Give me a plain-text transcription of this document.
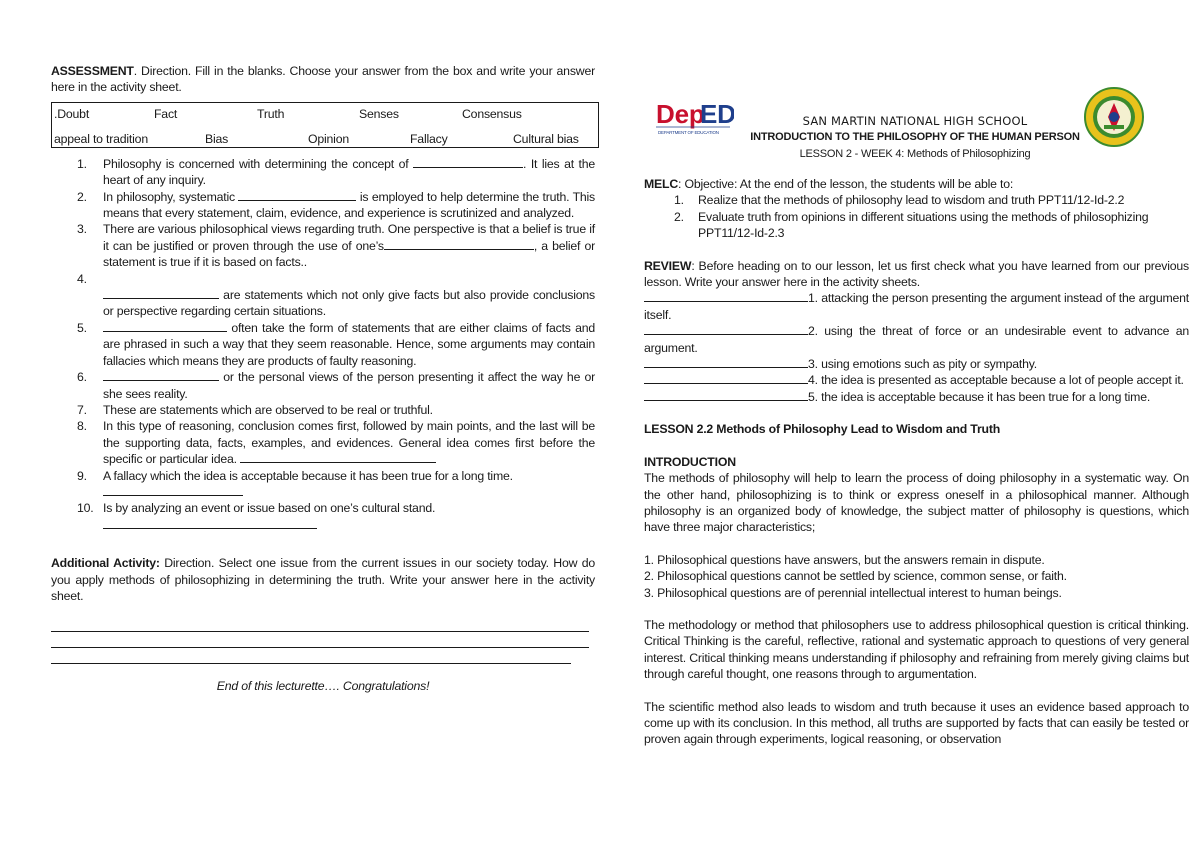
ASSESSMENT. Direction. Fill in the blanks. Choose your answer from the box and write your answer here in the activity sheet.

.Doubt	Fact	Truth	Senses	Consensus
appeal to tradition	Bias	Opinion	Fallacy	Cultural bias
1. Philosophy is concerned with determining the concept of	. It lies at the heart of any inquiry.
2. In philosophy, systematic	is employed to help determine the truth. This means that every statement, claim, evidence, and experience is scrutinized and analyzed.
3. There are various philosophical views regarding truth. One perspective is that a belief is true if it can be justified or proven through the use of one’s	, a belief or statement is true if it is based on facts..
4.

are statements which not only give facts but also provide conclusions or perspective regarding certain situations.
5.	often take the form of statements that are either claims of facts and are phrased in such a way that they seem reasonable. Hence, some arguments may contain fallacies which means they are products of faulty reasoning.
6.	or the personal views of the person presenting it affect the way he or she sees reality.
7. These are statements which are observed to be real or truthful.
8. In this type of reasoning, conclusion comes first, followed by main points, and the last will be the supporting data, facts, examples, and evidences. General idea comes first before the specific or particular idea.
9. A fallacy which the idea is acceptable because it has been true for a long time.

10. Is by analyzing an event or issue based on one’s cultural stand.

Additional Activity: Direction. Select one issue from the current issues in our society today. How do you apply methods of philosophizing in determining the truth. Write your answer here in the activity sheet.

End of this lecturette…. Congratulations!

Dep
ED
DEPARTMENT OF EDUCATION
SAN MARTIN NATIONAL HIGH SCHOOL
INTRODUCTION TO THE PHILOSOPHY OF THE HUMAN PERSON
LESSON 2 - WEEK 4: Methods of Philosophizing

MELC: Objective: At the end of the lesson, the students will be able to:

1. Realize that the methods of philosophy lead to wisdom and truth PPT11/12-Id-2.2
2. Evaluate truth from opinions in different situations using the methods of philosophizing PPT11/12-Id-2.3

REVIEW: Before heading on to our lesson, let us first check what you have learned from our previous lesson. Write your answer here in the activity sheets.

1. attacking the person presenting the argument instead of the argument itself.

2. using the threat of force or an undesirable event to advance an argument.

3. using emotions such as pity or sympathy.

4. the idea is presented as acceptable because a lot of people accept it.

5. the idea is acceptable because it has been true for a long time.

LESSON 2.2 Methods of Philosophy Lead to Wisdom and Truth

INTRODUCTION

The methods of philosophy will help to learn the process of doing philosophy in a systematic way. On the other hand, philosophizing is to think or express oneself in a philosophical manner. Although philosophy is an organized body of knowledge, the subject matter of philosophy is questions, which have three major characteristics;

1. Philosophical questions have answers, but the answers remain in dispute.

2. Philosophical questions cannot be settled by science, common sense, or faith.

3. Philosophical questions are of perennial intellectual interest to human beings.

The methodology or method that philosophers use to address philosophical question is critical thinking. Critical Thinking is the careful, reflective, rational and systematic approach to questions of very general interest. Critical thinking means understanding if philosophy and refraining from merely giving claims but through careful thought, one reasons through to argumentation.

The scientific method also leads to wisdom and truth because it uses an evidence based approach to come up with its conclusion. In this method, all truths are supported by facts that can easily be tested or proven again through experiments, logical reasoning, or observation
